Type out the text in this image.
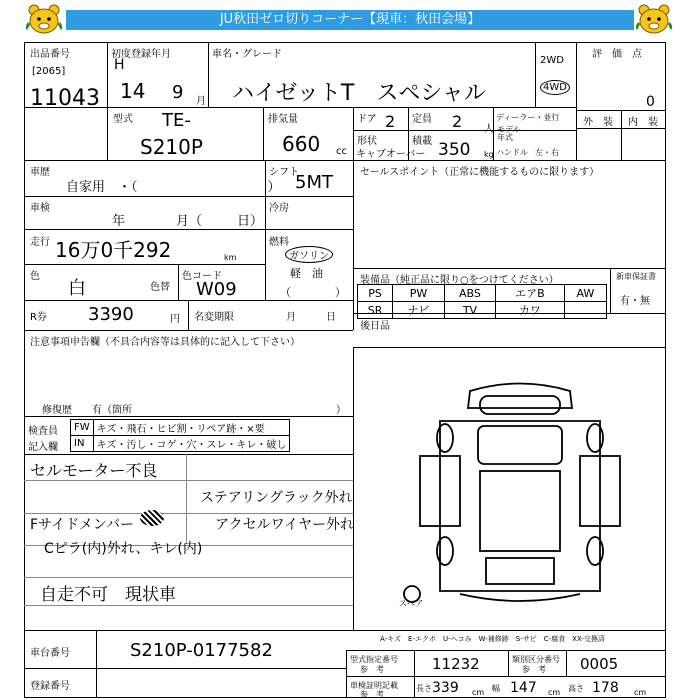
JU秋田ゼロ切りコーナー【現車：秋田会場】
出品番号
[2065]
11043
初度登録年月
H
14 9 月
車名・グレード
ハイゼットT　スペシャル
2WD
4WD
評　価　点
0
外　装 内　装
型式 TE-
S210P
排気量
660 cc
ドア 2 定員 2 人
ディーラー・並行
モデル年式
形状
キャブオーバー
積載 350 kg ハンドル 左・右
車歴
自家用　・（　　　　　　　　　　）
シフト
5MT	セールスポイント（正常に機能するものに限ります）
車検
年	月（	日）
冷房
走行 16万0千292	km
燃料
ガソリン
軽　油
（　　　　）
色
白	色替
色コード
W09	装備品（純正品に限り○をつけてください）
PS	PW	ABS	エアB	AW
SR	ナビ	TV	カワ	
新車保証書
有・無
R券 3390	円 名変期限	月	日
後日品
注意事項申告欄（不具合内容等は具体的に記入して下さい）
修復歴　　有（箇所	）
検査員
記入欄
FW	キズ・飛石・ヒビ割・リペア跡・×要
IN	キズ・汚し・コゲ・穴・スレ・キレ・破し
セルモーター不良
Fサイドメンバー
Cピラ(内)外れ、キレ(内)
自走不可　現状車
ステアリングラック外れ
アクセルワイヤー外れ
スペア
車台番号	S210P-0177582
登録番号
A-キズ　E-エクボ　U-ヘコみ　W-補修跡　S-サビ　C-腐食　XX-交換済
型式指定番号
参　考	11232	類別区分番号
参　考 0005
車検証明記載
参　考
長さ 339 cm 幅 147 cm 高さ 178 cm
